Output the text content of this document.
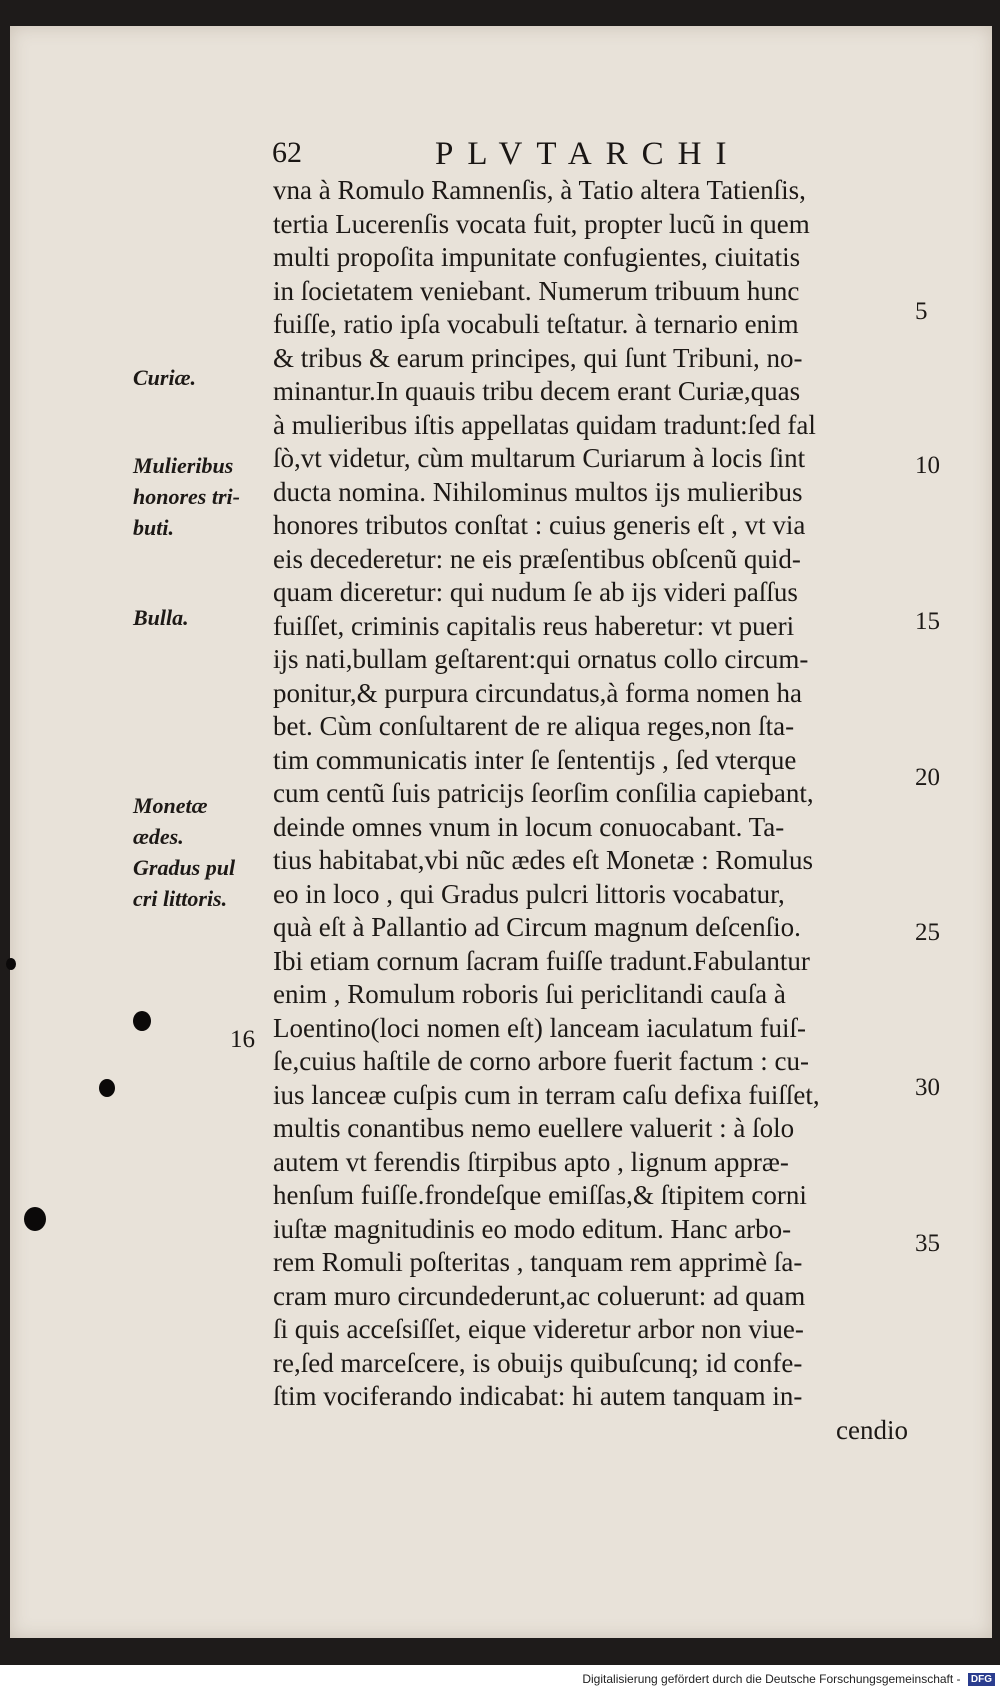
62	PLVTARCHI
vna à Romulo Ramnenſis, à Tatio altera Tatienſis,
tertia Lucerenſis vocata fuit, propter lucũ in quem
multi propoſita impunitate confugientes, ciuitatis
in ſocietatem veniebant. Numerum tribuum hunc
fuiſſe, ratio ipſa vocabuli teſtatur. à ternario enim
& tribus & earum principes, qui ſunt Tribuni, no-
minantur.In quauis tribu decem erant Curiæ,quas
à mulieribus iſtis appellatas quidam tradunt:ſed fal
ſò,vt videtur, cùm multarum Curiarum à locis ſint
ducta nomina. Nihilominus multos ijs mulieribus
honores tributos conſtat : cuius generis eſt , vt via
eis decederetur: ne eis præſentibus obſcenũ quid-
quam diceretur: qui nudum ſe ab ijs videri paſſus
fuiſſet, criminis capitalis reus haberetur: vt pueri
ijs nati,bullam geſtarent:qui ornatus collo circum-
ponitur,& purpura circundatus,à forma nomen ha
bet. Cùm conſultarent de re aliqua reges,non ſta-
tim communicatis inter ſe ſententijs , ſed vterque
cum centũ ſuis patricijs ſeorſim conſilia capiebant,
deinde omnes vnum in locum conuocabant. Ta-
tius habitabat,vbi nũc ædes eſt Monetæ : Romulus
eo in loco , qui Gradus pulcri littoris vocabatur,
quà eſt à Pallantio ad Circum magnum deſcenſio.
Ibi etiam cornum ſacram fuiſſe tradunt.Fabulantur
enim , Romulum roboris ſui periclitandi cauſa à
Loentino(loci nomen eſt) lanceam iaculatum fuiſ-
ſe,cuius haſtile de corno arbore fuerit factum : cu-
ius lanceæ cuſpis cum in terram caſu defixa fuiſſet,
multis conantibus nemo euellere valuerit : à ſolo
autem vt ferendis ſtirpibus apto , lignum appræ-
henſum fuiſſe.frondeſque emiſſas,& ſtipitem corni
iuſtæ magnitudinis eo modo editum. Hanc arbo-
rem Romuli poſteritas , tanquam rem apprimè ſa-
cram muro circundederunt,ac coluerunt: ad quam
ſi quis acceſsiſſet, eique videretur arbor non viue-
re,ſed marceſcere, is obuijs quibuſcunq; id confe-
ſtim vociferando indicabat: hi autem tanquam in-
cendio
Curiæ.
Mulieribus
honores tri-
buti.
Bulla.
Monetæ
ædes.
Gradus pul
cri littoris.
5
10
15
20
25
30
35
16
Digitalisierung gefördert durch die Deutsche Forschungsgemeinschaft - DFG
